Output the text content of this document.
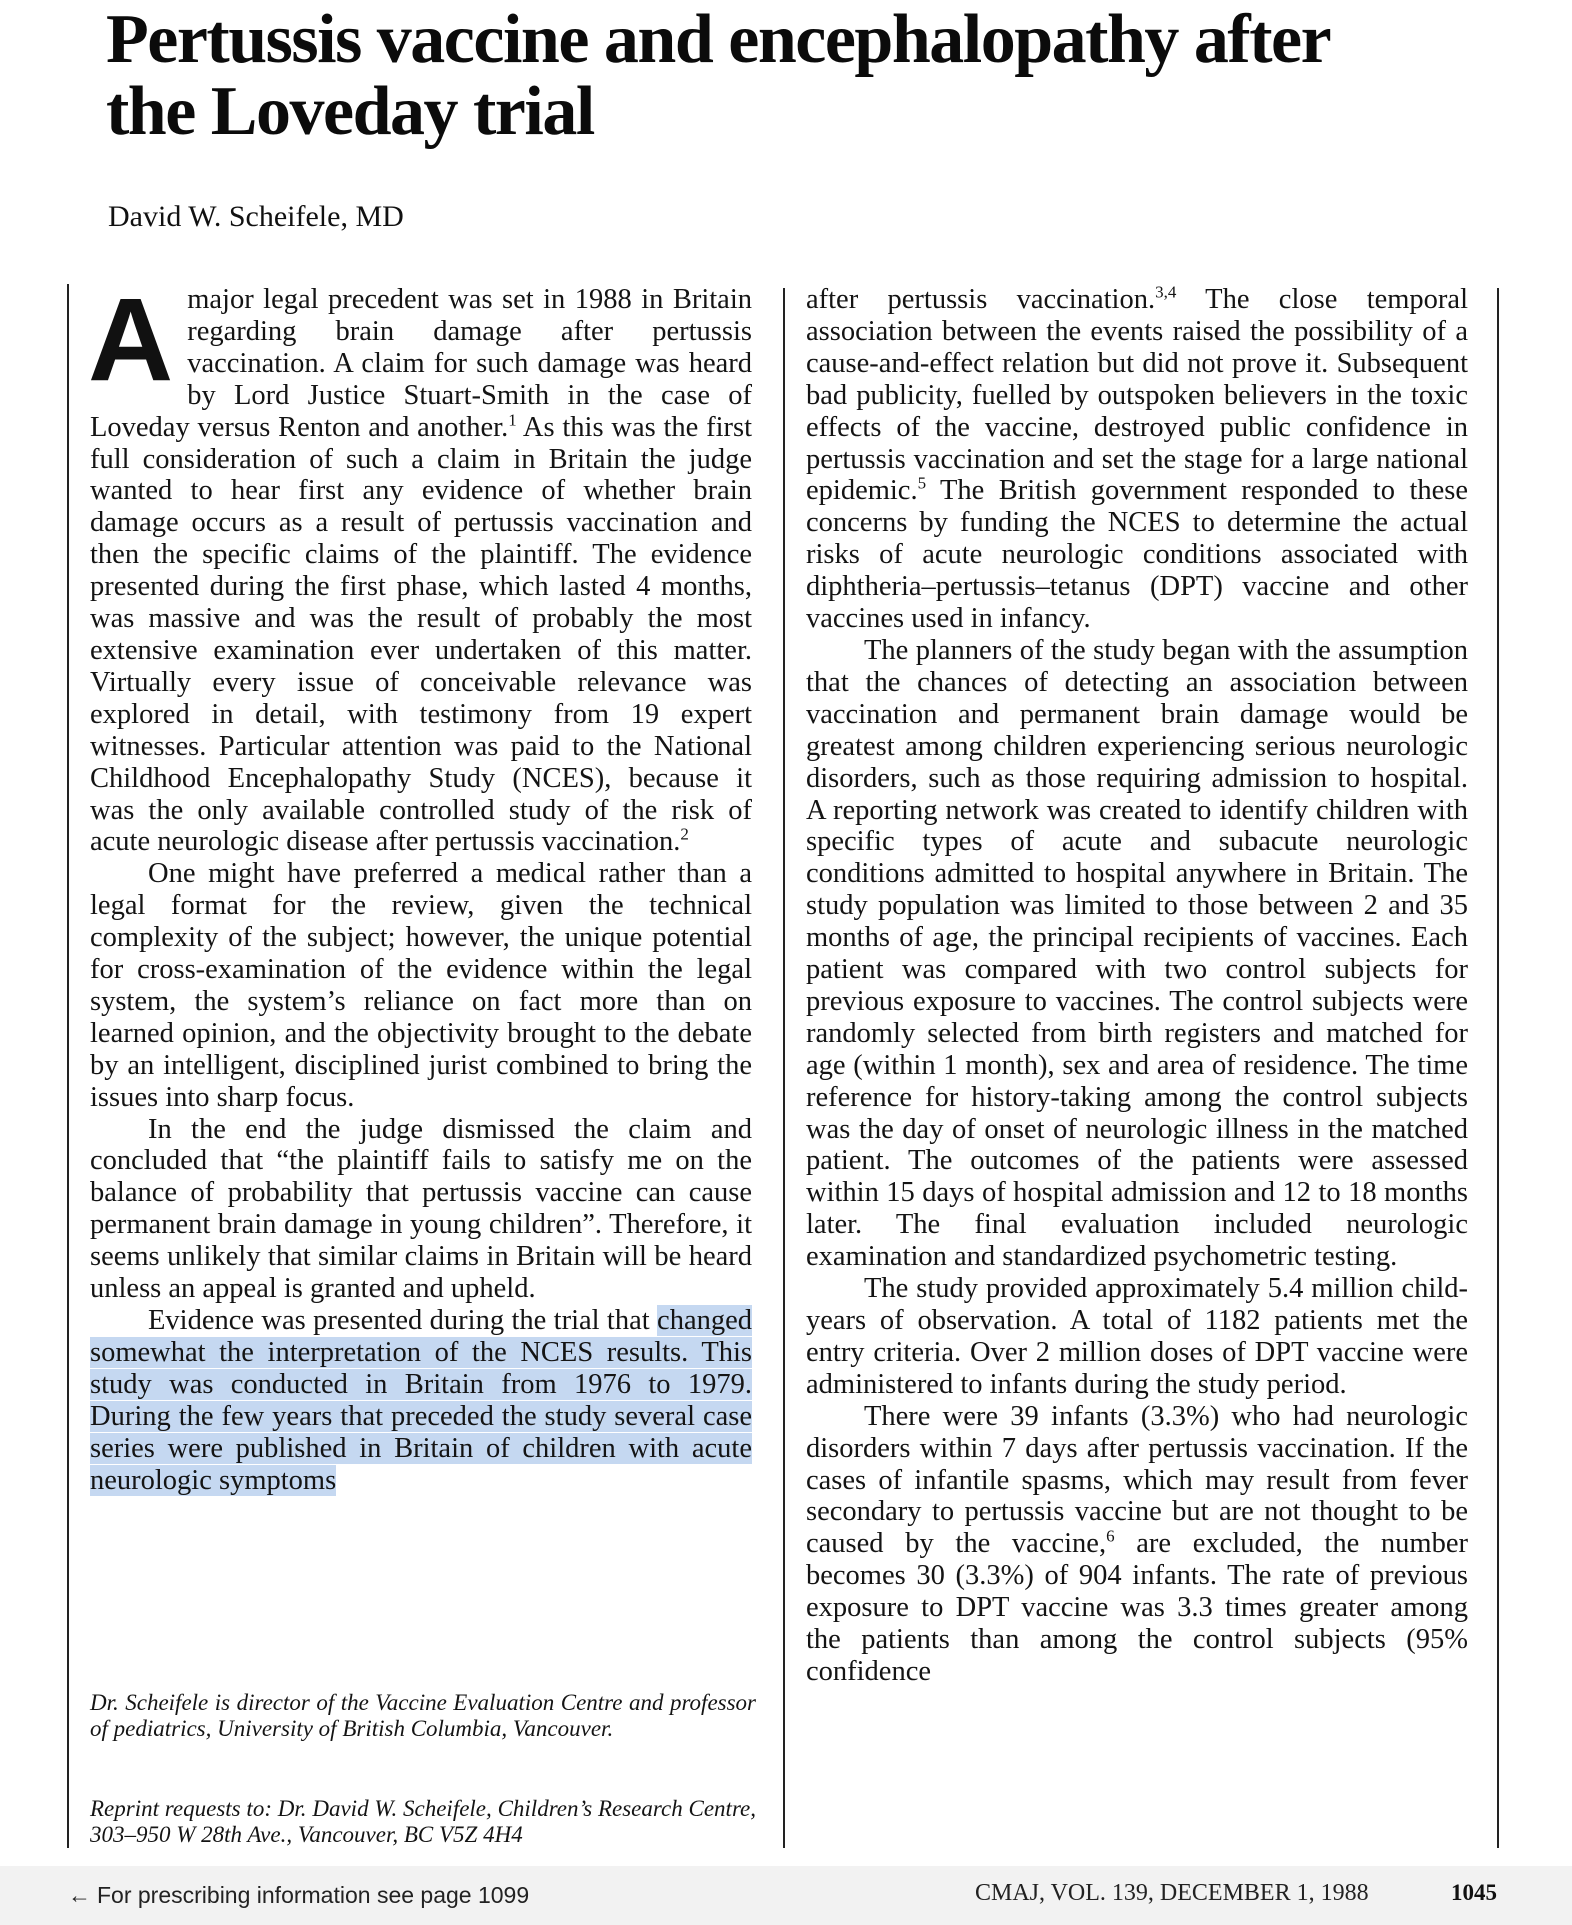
Pertussis vaccine and encephalopathy after the Loveday trial
David W. Scheifele, MD

A major legal precedent was set in 1988 in Britain regarding brain damage after pertussis vaccination. A claim for such damage was heard by Lord Justice Stuart-Smith in the case of Loveday versus Renton and another.$^1$ As this was the first full consideration of such a claim in Britain the judge wanted to hear first any evidence of whether brain damage occurs as a result of pertussis vaccination and then the specific claims of the plaintiff. The evidence presented during the first phase, which lasted 4 months, was massive and was the result of probably the most extensive examination ever undertaken of this matter. Virtually every issue of conceivable relevance was explored in detail, with testimony from 19 expert witnesses. Particular attention was paid to the National Childhood Encephalopathy Study (NCES), because it was the only available controlled study of the risk of acute neurologic disease after pertussis vaccination.$^2$

One might have preferred a medical rather than a legal format for the review, given the technical complexity of the subject; however, the unique potential for cross-examination of the evidence within the legal system, the system’s reliance on fact more than on learned opinion, and the objectivity brought to the debate by an intelligent, disciplined jurist combined to bring the issues into sharp focus.

In the end the judge dismissed the claim and concluded that “the plaintiff fails to satisfy me on the balance of probability that pertussis vaccine can cause permanent brain damage in young children”. Therefore, it seems unlikely that similar claims in Britain will be heard unless an appeal is granted and upheld.

Evidence was presented during the trial that changed somewhat the interpretation of the NCES results. This study was conducted in Britain from 1976 to 1979. During the few years that preceded the study several case series were published in Britain of children with acute neurologic symptoms

Dr. Scheifele is director of the Vaccine Evaluation Centre and professor of pediatrics, University of British Columbia, Vancouver.
Reprint requests to: Dr. David W. Scheifele, Children’s Research Centre, 303–950 W 28th Ave., Vancouver, BC V5Z 4H4

after pertussis vaccination.$^{3,4}$ The close temporal association between the events raised the possibility of a cause-and-effect relation but did not prove it. Subsequent bad publicity, fuelled by outspoken believers in the toxic effects of the vaccine, destroyed public confidence in pertussis vaccination and set the stage for a large national epidemic.$^5$ The British government responded to these concerns by funding the NCES to determine the actual risks of acute neurologic conditions associated with diphtheria–pertussis–tetanus (DPT) vaccine and other vaccines used in infancy.

The planners of the study began with the assumption that the chances of detecting an association between vaccination and permanent brain damage would be greatest among children experiencing serious neurologic disorders, such as those requiring admission to hospital. A reporting network was created to identify children with specific types of acute and subacute neurologic conditions admitted to hospital anywhere in Britain. The study population was limited to those between 2 and 35 months of age, the principal recipients of vaccines. Each patient was compared with two control subjects for previous exposure to vaccines. The control subjects were randomly selected from birth registers and matched for age (within 1 month), sex and area of residence. The time reference for history-taking among the control subjects was the day of onset of neurologic illness in the matched patient. The outcomes of the patients were assessed within 15 days of hospital admission and 12 to 18 months later. The final evaluation included neurologic examination and standardized psychometric testing.

The study provided approximately 5.4 million child-years of observation. A total of 1182 patients met the entry criteria. Over 2 million doses of DPT vaccine were administered to infants during the study period.

There were 39 infants (3.3%) who had neurologic disorders within 7 days after pertussis vaccination. If the cases of infantile spasms, which may result from fever secondary to pertussis vaccine but are not thought to be caused by the vaccine,$^6$ are excluded, the number becomes 30 (3.3%) of 904 infants. The rate of previous exposure to DPT vaccine was 3.3 times greater among the patients than among the control subjects (95% confidence

← For prescribing information see page 1099	CMAJ, VOL. 139, DECEMBER 1, 1988	1045
